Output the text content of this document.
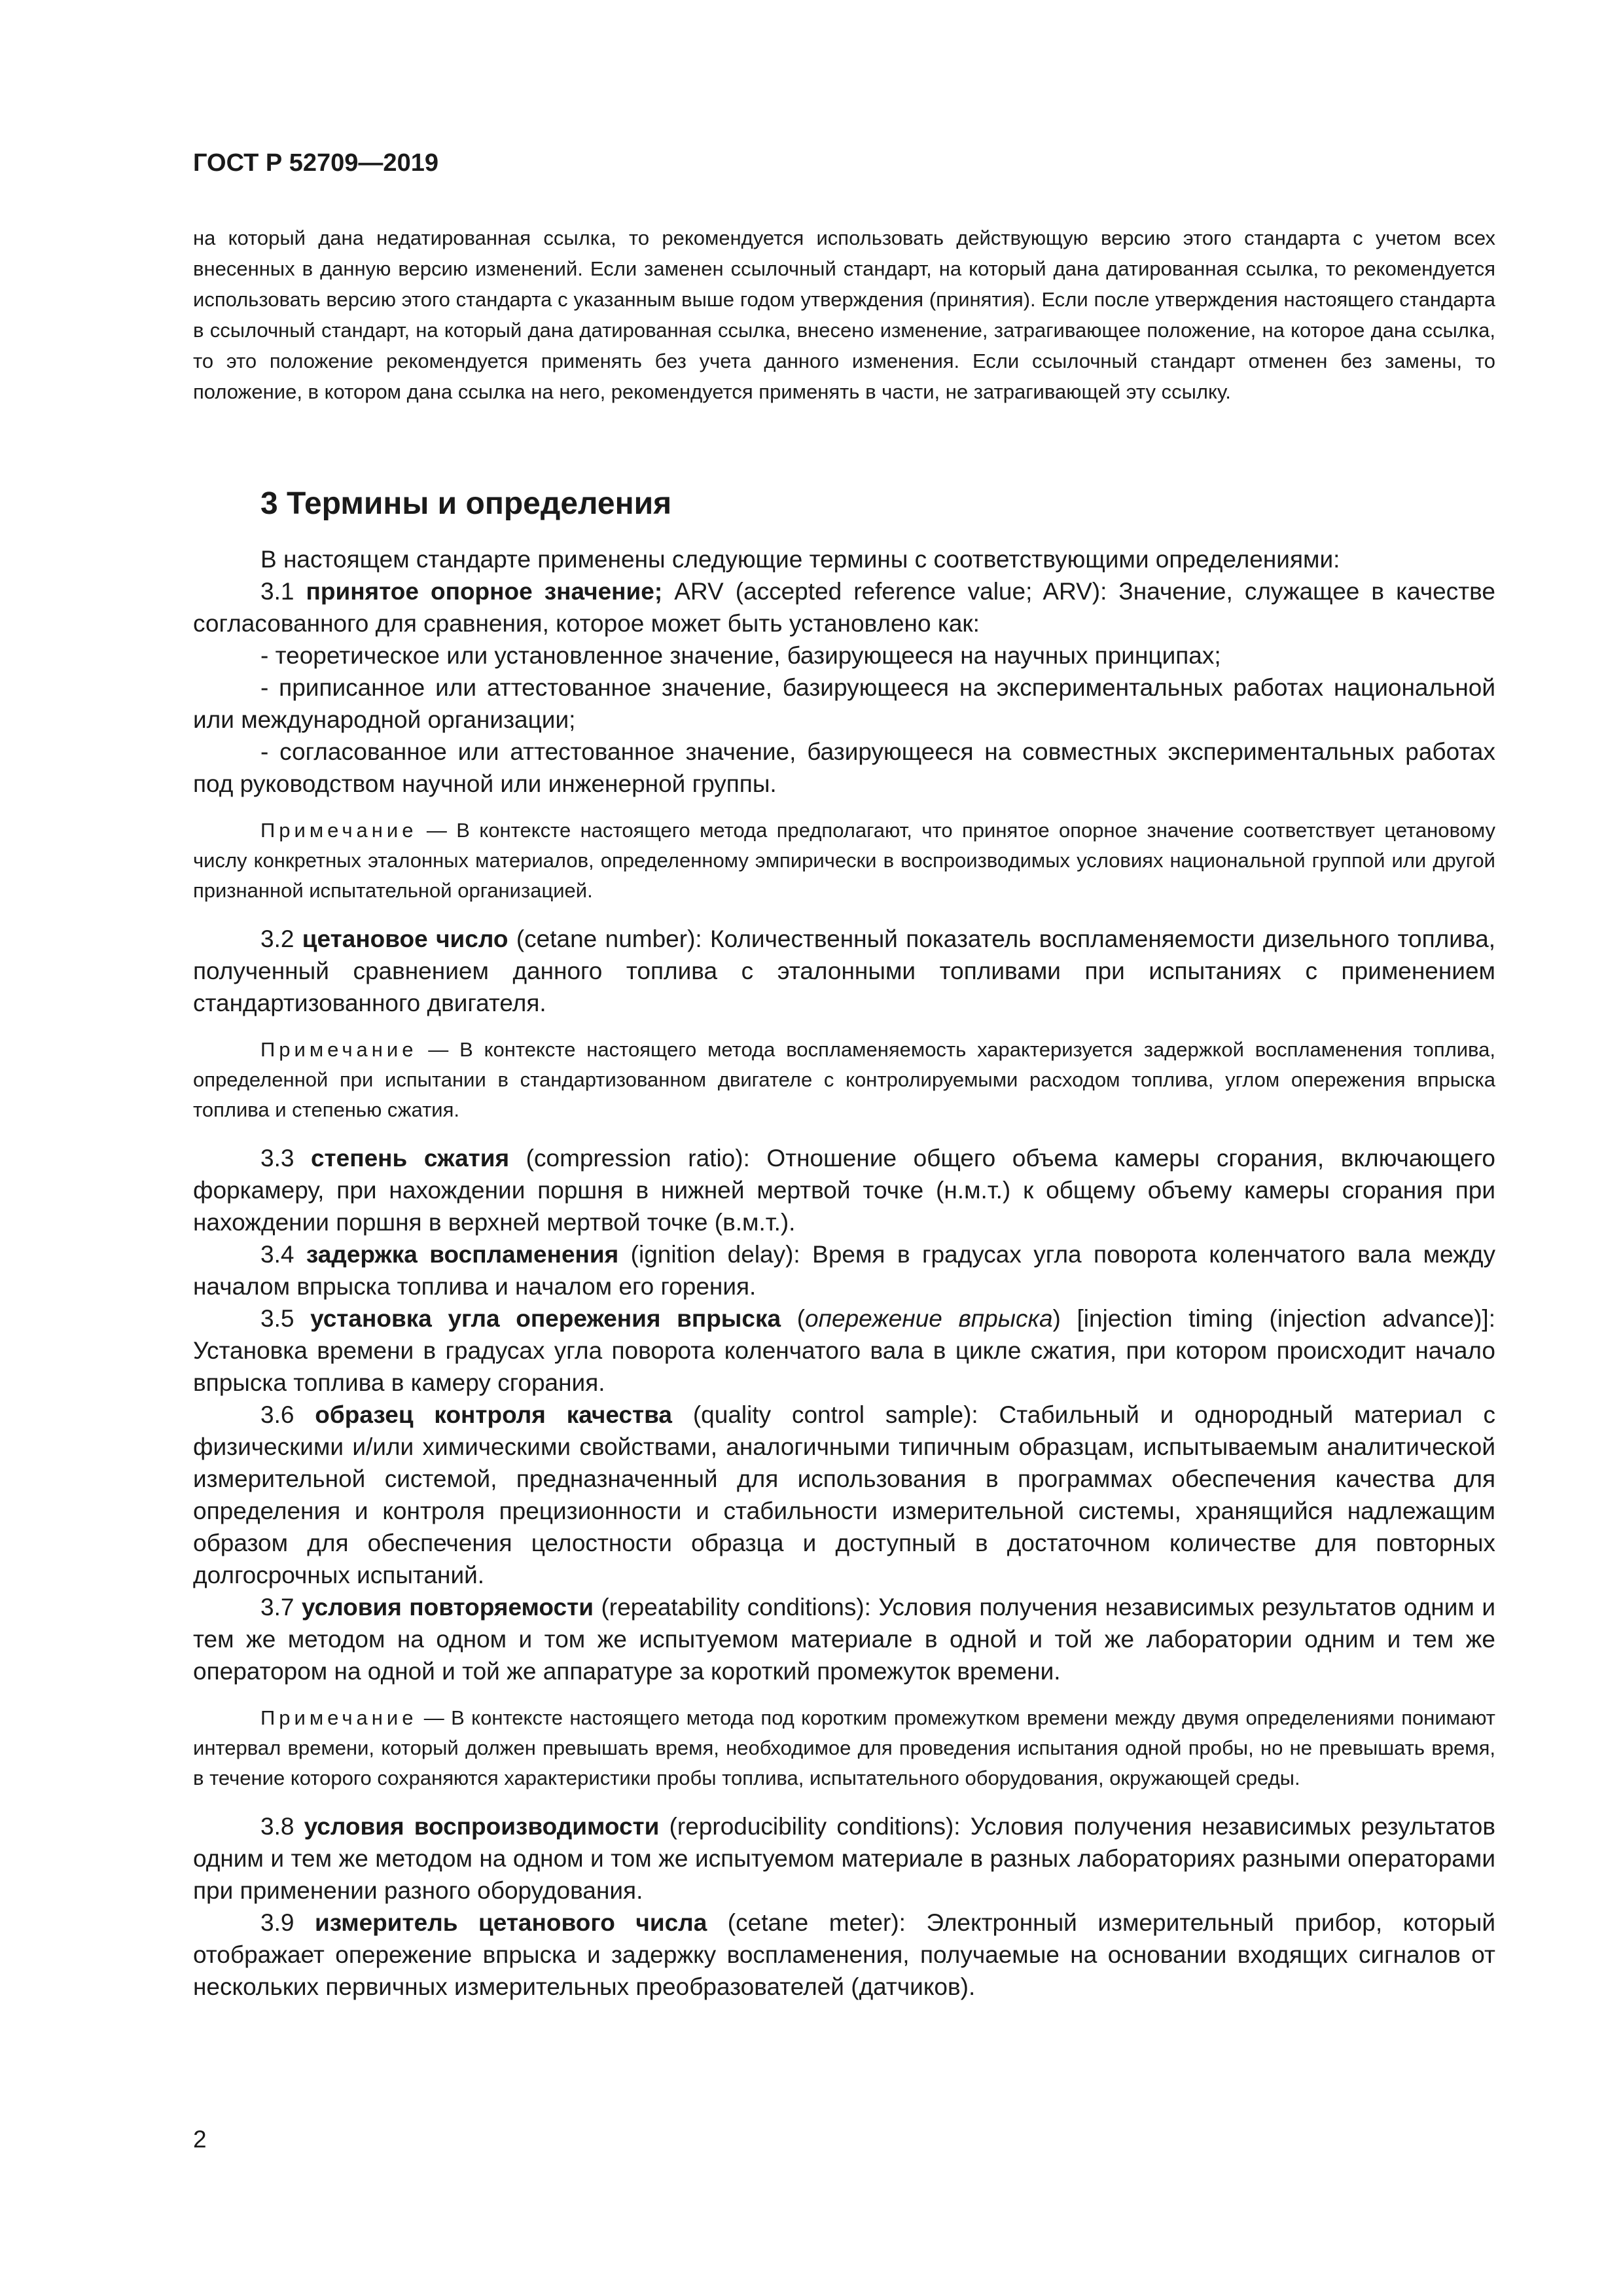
ГОСТ Р 52709—2019
на который дана недатированная ссылка, то рекомендуется использовать действующую версию этого стандарта с учетом всех внесенных в данную версию изменений. Если заменен ссылочный стандарт, на который дана датированная ссылка, то рекомендуется использовать версию этого стандарта с указанным выше годом утверждения (принятия). Если после утверждения настоящего стандарта в ссылочный стандарт, на который дана датированная ссылка, внесено изменение, затрагивающее положение, на которое дана ссылка, то это положение рекомендуется применять без учета данного изменения. Если ссылочный стандарт отменен без замены, то положение, в котором дана ссылка на него, рекомендуется применять в части, не затрагивающей эту ссылку.
3 Термины и определения

В настоящем стандарте применены следующие термины с соответствующими определениями:

3.1 принятое опорное значение; ARV (accepted reference value; ARV): Значение, служащее в качестве согласованного для сравнения, которое может быть установлено как:

- теоретическое или установленное значение, базирующееся на научных принципах;

- приписанное или аттестованное значение, базирующееся на экспериментальных работах национальной или международной организации;

- согласованное или аттестованное значение, базирующееся на совместных экспериментальных работах под руководством научной или инженерной группы.

Примечание — В контексте настоящего метода предполагают, что принятое опорное значение соответствует цетановому числу конкретных эталонных материалов, определенному эмпирически в воспроизводимых условиях национальной группой или другой признанной испытательной организацией.

3.2 цетановое число (cetane number): Количественный показатель воспламеняемости дизельного топлива, полученный сравнением данного топлива с эталонными топливами при испытаниях с применением стандартизованного двигателя.

Примечание — В контексте настоящего метода воспламеняемость характеризуется задержкой воспламенения топлива, определенной при испытании в стандартизованном двигателе с контролируемыми расходом топлива, углом опережения впрыска топлива и степенью сжатия.

3.3 степень сжатия (compression ratio): Отношение общего объема камеры сгорания, включающего форкамеру, при нахождении поршня в нижней мертвой точке (н.м.т.) к общему объему камеры сгорания при нахождении поршня в верхней мертвой точке (в.м.т.).

3.4 задержка воспламенения (ignition delay): Время в градусах угла поворота коленчатого вала между началом впрыска топлива и началом его горения.

3.5 установка угла опережения впрыска (опережение впрыска) [injection timing (injection advance)]: Установка времени в градусах угла поворота коленчатого вала в цикле сжатия, при котором происходит начало впрыска топлива в камеру сгорания.

3.6 образец контроля качества (quality control sample): Стабильный и однородный материал с физическими и/или химическими свойствами, аналогичными типичным образцам, испытываемым аналитической измерительной системой, предназначенный для использования в программах обеспечения качества для определения и контроля прецизионности и стабильности измерительной системы, хранящийся надлежащим образом для обеспечения целостности образца и доступный в достаточном количестве для повторных долгосрочных испытаний.

3.7 условия повторяемости (repeatability conditions): Условия получения независимых результатов одним и тем же методом на одном и том же испытуемом материале в одной и той же лаборатории одним и тем же оператором на одной и той же аппаратуре за короткий промежуток времени.

Примечание — В контексте настоящего метода под коротким промежутком времени между двумя определениями понимают интервал времени, который должен превышать время, необходимое для проведения испытания одной пробы, но не превышать время, в течение которого сохраняются характеристики пробы топлива, испытательного оборудования, окружающей среды.

3.8 условия воспроизводимости (reproducibility conditions): Условия получения независимых результатов одним и тем же методом на одном и том же испытуемом материале в разных лабораториях разными операторами при применении разного оборудования.

3.9 измеритель цетанового числа (cetane meter): Электронный измерительный прибор, который отображает опережение впрыска и задержку воспламенения, получаемые на основании входящих сигналов от нескольких первичных измерительных преобразователей (датчиков).

2
